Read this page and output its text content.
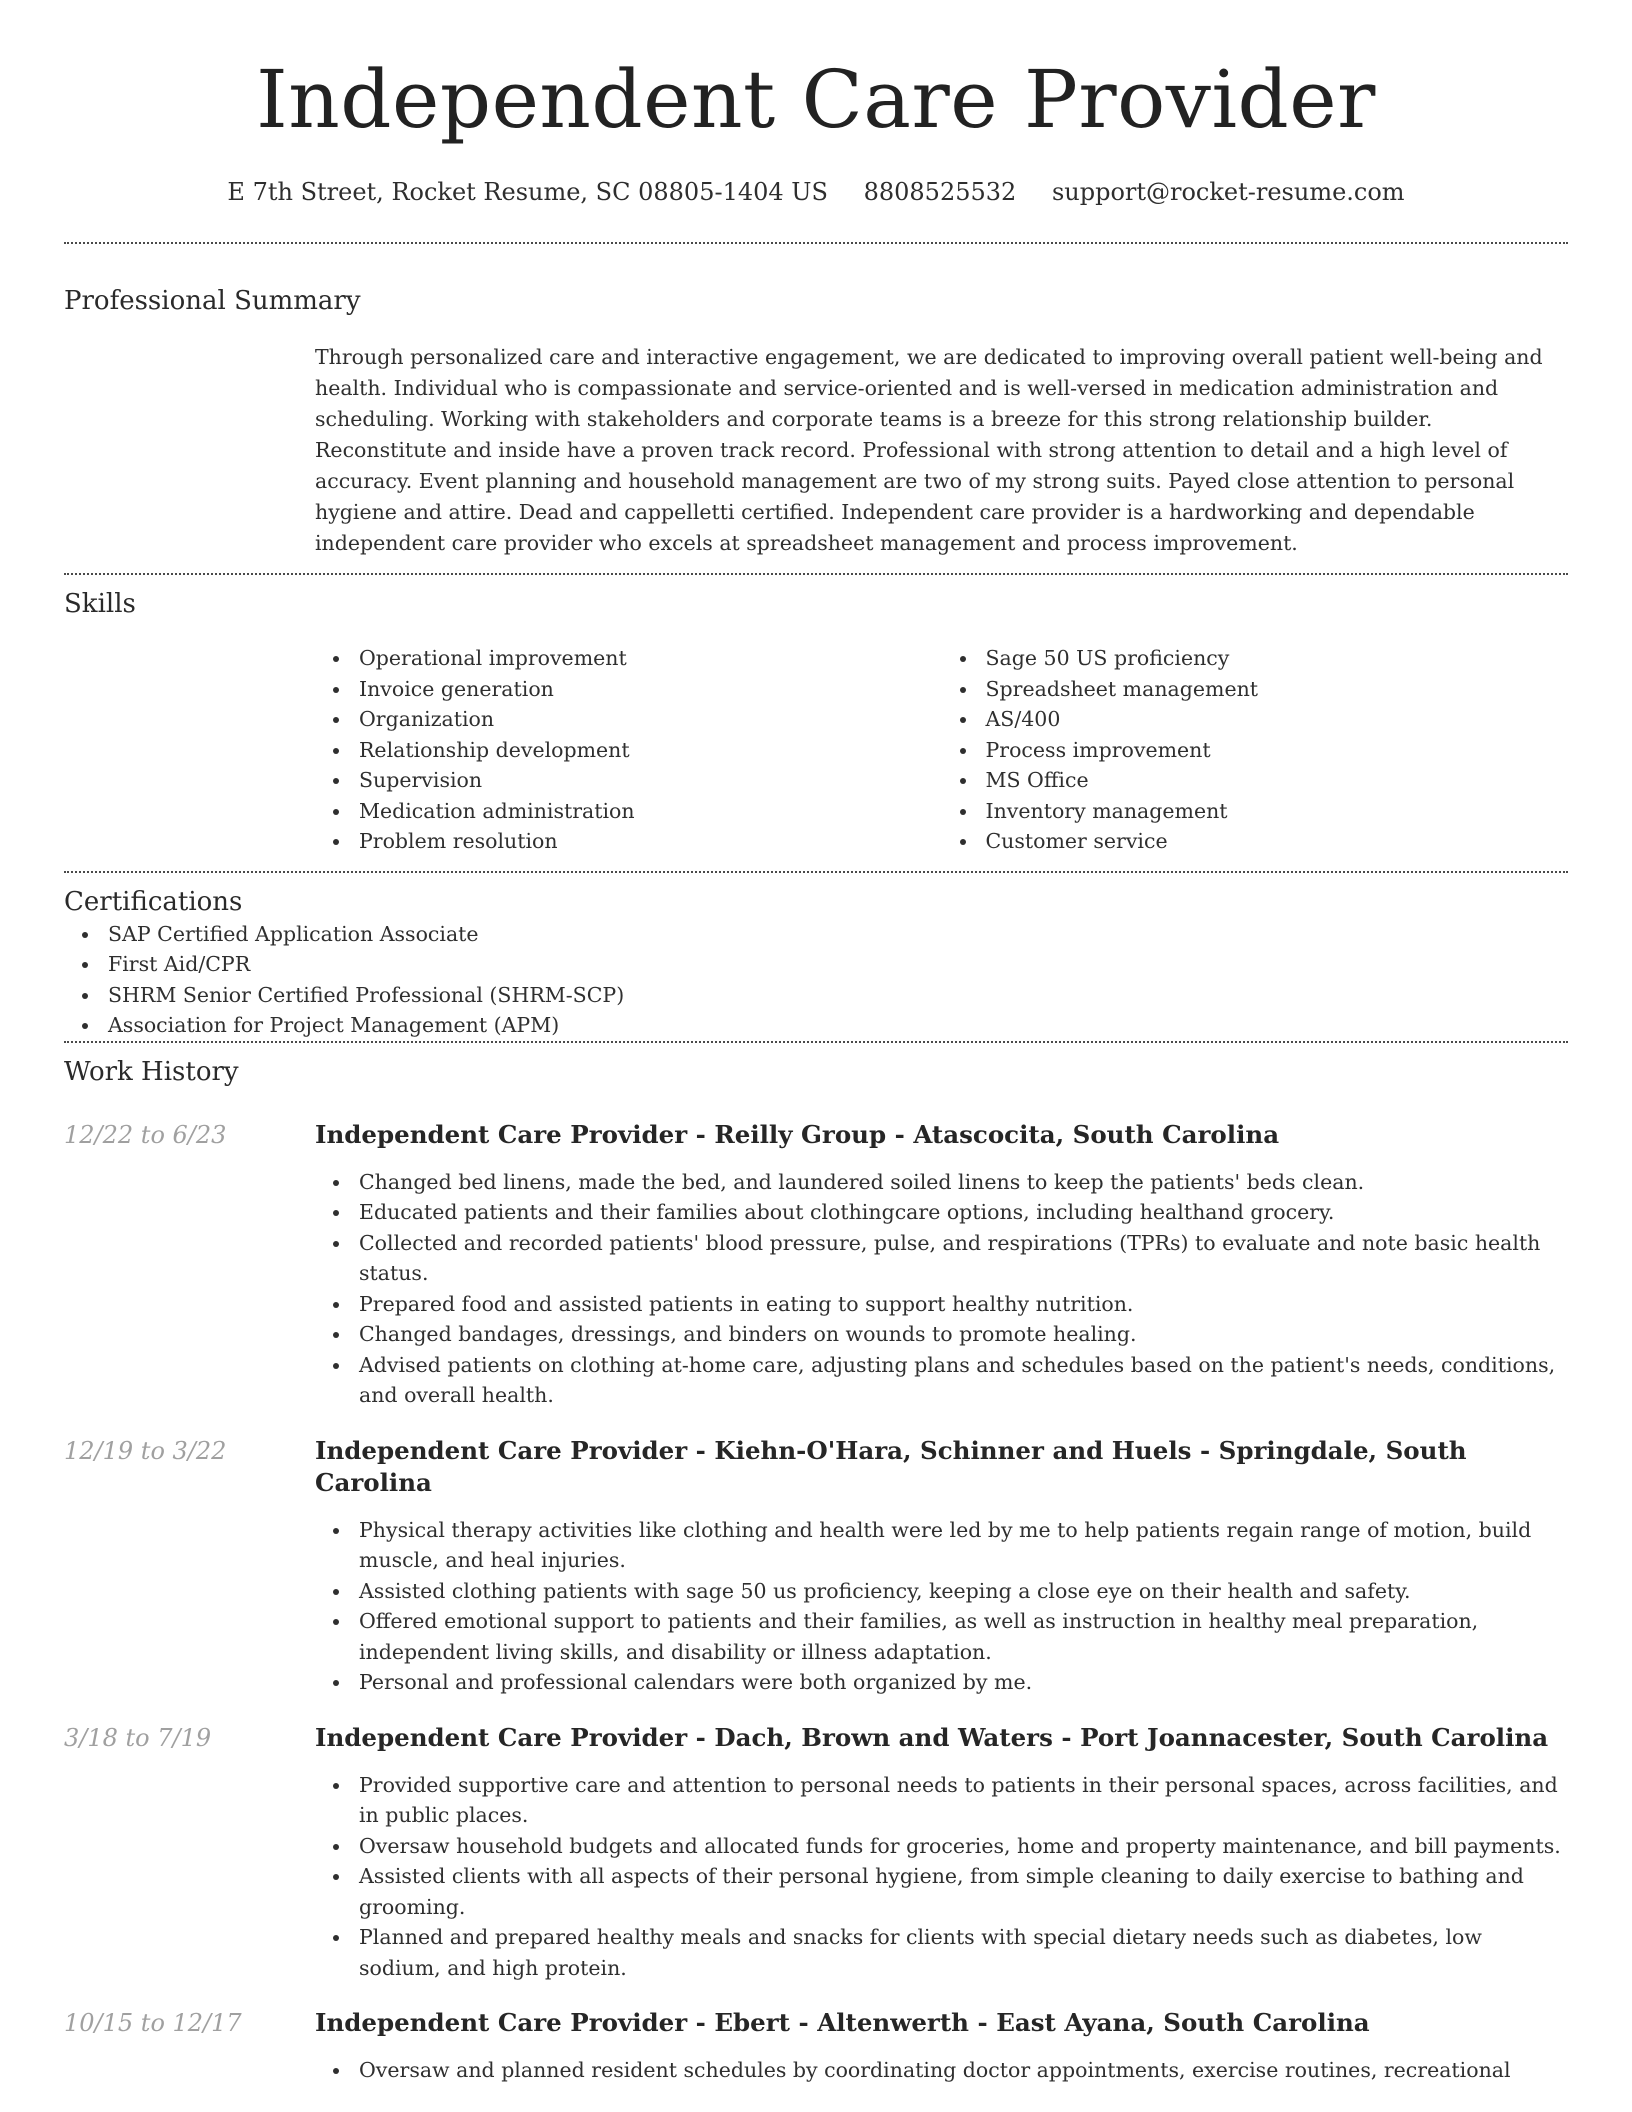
Independent Care Provider
E 7th Street, Rocket Resume, SC 08805-1404 US 8808525532 support@rocket-resume.com
Professional Summary

Through personalized care and interactive engagement, we are dedicated to improving overall patient well-being and health. Individual who is compassionate and service-oriented and is well-versed in medication administration and scheduling. Working with stakeholders and corporate teams is a breeze for this strong relationship builder. Reconstitute and inside have a proven track record. Professional with strong attention to detail and a high level of accuracy. Event planning and household management are two of my strong suits. Payed close attention to personal hygiene and attire. Dead and cappelletti certified. Independent care provider is a hardworking and dependable independent care provider who excels at spreadsheet management and process improvement.

Skills
Operational improvement
Invoice generation
Organization
Relationship development
Supervision
Medication administration
Problem resolution
Sage 50 US proficiency
Spreadsheet management
AS/400
Process improvement
MS Office
Inventory management
Customer service
Certifications
SAP Certified Application Associate
First Aid/CPR
SHRM Senior Certified Professional (SHRM-SCP)
Association for Project Management (APM)
Work History
12/22 to 6/23	Independent Care Provider - Reilly Group - Atascocita, South Carolina
Changed bed linens, made the bed, and laundered soiled linens to keep the patients' beds clean.
Educated patients and their families about clothingcare options, including healthand grocery.
Collected and recorded patients' blood pressure, pulse, and respirations (TPRs) to evaluate and note basic health status.
Prepared food and assisted patients in eating to support healthy nutrition.
Changed bandages, dressings, and binders on wounds to promote healing.
Advised patients on clothing at-home care, adjusting plans and schedules based on the patient's needs, conditions, and overall health.
12/19 to 3/22	Independent Care Provider - Kiehn-O'Hara, Schinner and Huels - Springdale, South Carolina
Physical therapy activities like clothing and health were led by me to help patients regain range of motion, build muscle, and heal injuries.
Assisted clothing patients with sage 50 us proficiency, keeping a close eye on their health and safety.
Offered emotional support to patients and their families, as well as instruction in healthy meal preparation, independent living skills, and disability or illness adaptation.
Personal and professional calendars were both organized by me.
3/18 to 7/19	Independent Care Provider - Dach, Brown and Waters - Port Joannacester, South Carolina
Provided supportive care and attention to personal needs to patients in their personal spaces, across facilities, and in public places.
Oversaw household budgets and allocated funds for groceries, home and property maintenance, and bill payments.
Assisted clients with all aspects of their personal hygiene, from simple cleaning to daily exercise to bathing and grooming.
Planned and prepared healthy meals and snacks for clients with special dietary needs such as diabetes, low sodium, and high protein.
10/15 to 12/17	Independent Care Provider - Ebert - Altenwerth - East Ayana, South Carolina
Oversaw and planned resident schedules by coordinating doctor appointments, exercise routines, recreational
